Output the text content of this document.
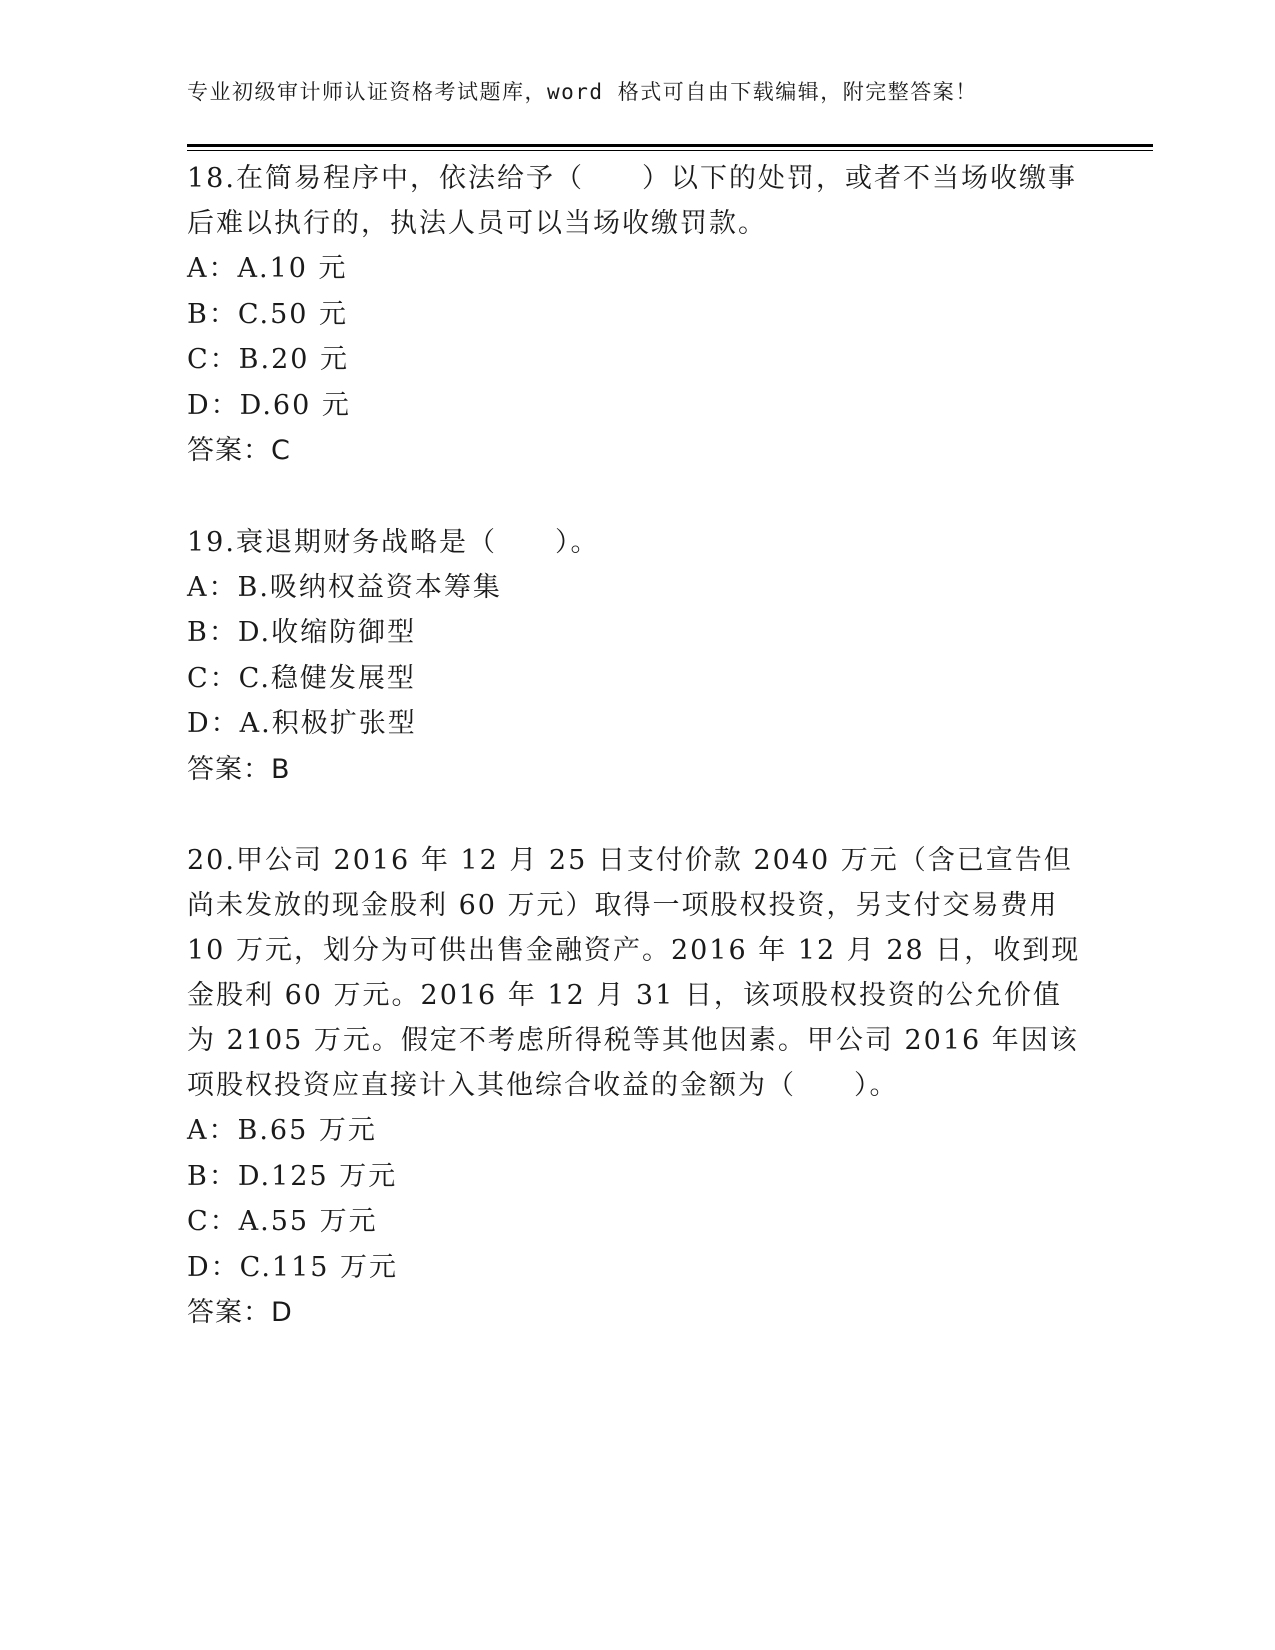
专业初级审计师认证资格考试题库，word 格式可自由下载编辑，附完整答案！

18.在简易程序中，依法给予（　　）以下的处罚，或者不当场收缴事后难以执行的，执法人员可以当场收缴罚款。

A：A.10 元

B：C.50 元

C：B.20 元

D：D.60 元

答案：C

19.衰退期财务战略是（　　）。

A：B.吸纳权益资本筹集

B：D.收缩防御型

C：C.稳健发展型

D：A.积极扩张型

答案：B

20.甲公司 2016 年 12 月 25 日支付价款 2040 万元（含已宣告但尚未发放的现金股利 60 万元）取得一项股权投资，另支付交易费用 10 万元，划分为可供出售金融资产。2016 年 12 月 28 日，收到现金股利 60 万元。2016 年 12 月 31 日，该项股权投资的公允价值为 2105 万元。假定不考虑所得税等其他因素。甲公司 2016 年因该项股权投资应直接计入其他综合收益的金额为（　　）。

A：B.65 万元

B：D.125 万元

C：A.55 万元

D：C.115 万元

答案：D
